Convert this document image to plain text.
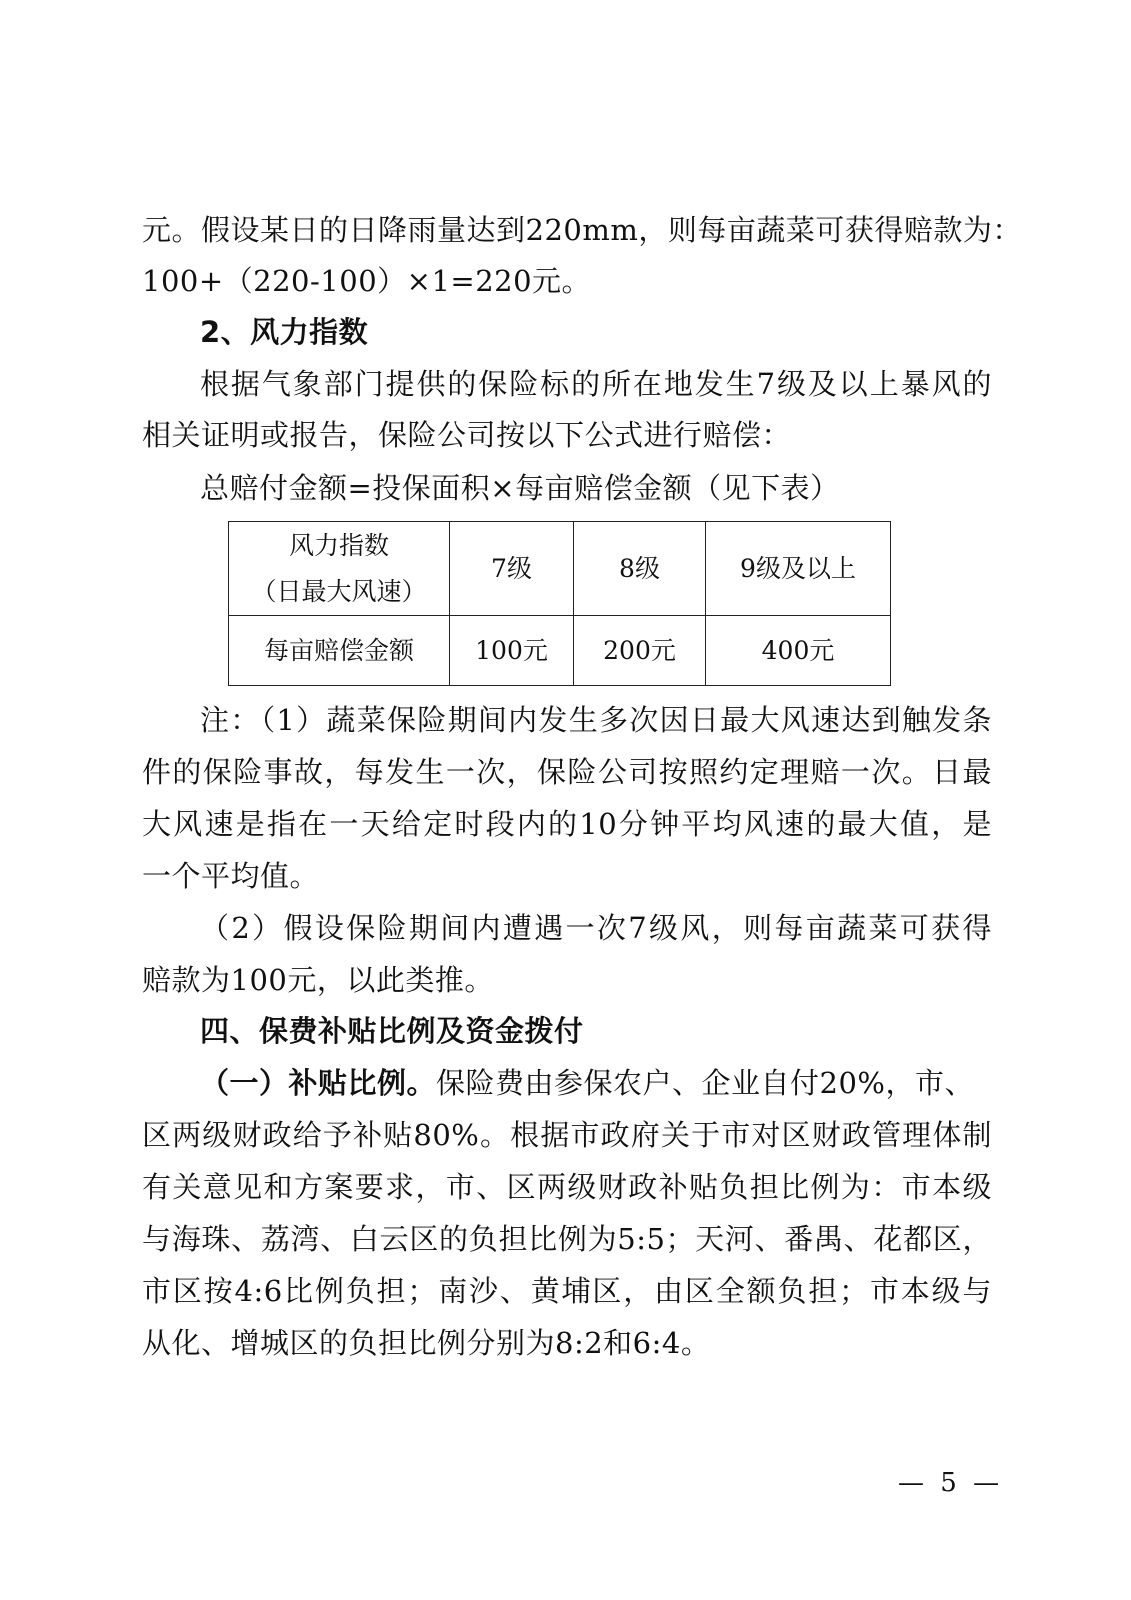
元。假设某日的日降雨量达到220mm，则每亩蔬菜可获得赔款为：
100+（220-100）×1=220元。
2、风力指数
根据气象部门提供的保险标的所在地发生7级及以上暴风的
相关证明或报告，保险公司按以下公式进行赔偿：
总赔付金额=投保面积×每亩赔偿金额（见下表）
风力指数
（日最大风速）	7级	8级	9级及以上
每亩赔偿金额	100元	200元	400元
注：（1）蔬菜保险期间内发生多次因日最大风速达到触发条
件的保险事故，每发生一次，保险公司按照约定理赔一次。日最
大风速是指在一天给定时段内的10分钟平均风速的最大值，是
一个平均值。
（2）假设保险期间内遭遇一次7级风，则每亩蔬菜可获得
赔款为100元，以此类推。
四、保费补贴比例及资金拨付
（一）补贴比例。保险费由参保农户、企业自付20%，市、
区两级财政给予补贴80%。根据市政府关于市对区财政管理体制
有关意见和方案要求，市、区两级财政补贴负担比例为：市本级
与海珠、荔湾、白云区的负担比例为5:5；天河、番禺、花都区，
市区按4:6比例负担；南沙、黄埔区，由区全额负担；市本级与
从化、增城区的负担比例分别为8:2和6:4。
— 5 —
